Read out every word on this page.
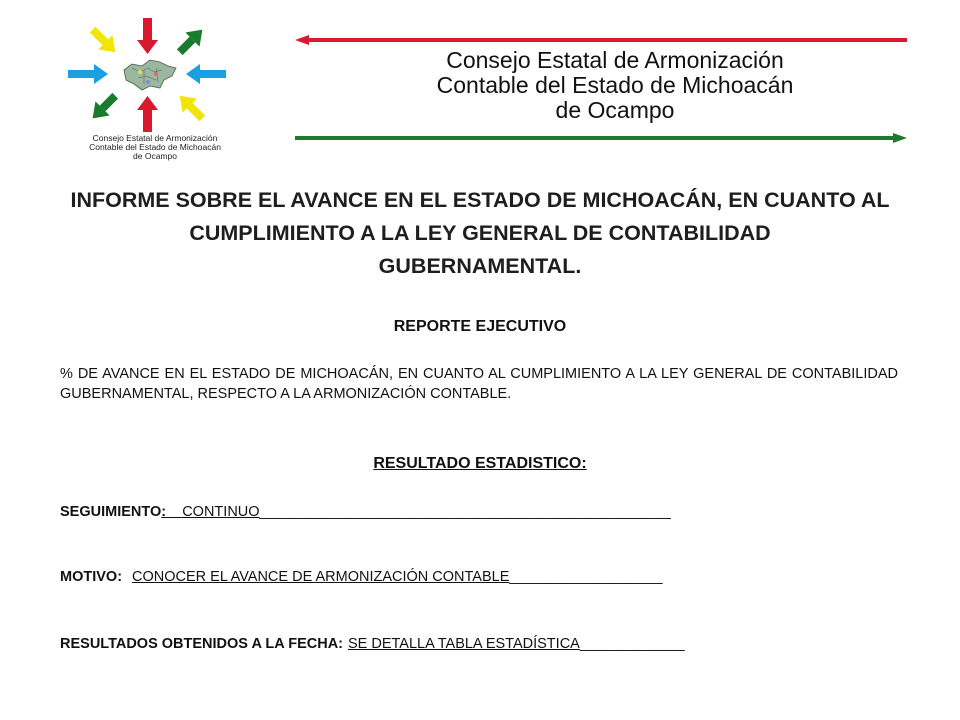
Consejo Estatal de Armonización
Contable del Estado de Michoacán
de Ocampo
Consejo Estatal de Armonización
Contable del Estado de Michoacán
de Ocampo
INFORME SOBRE EL AVANCE EN EL ESTADO DE MICHOACÁN, EN CUANTO AL
CUMPLIMIENTO A LA LEY GENERAL DE CONTABILIDAD
GUBERNAMENTAL.
REPORTE EJECUTIVO
% DE AVANCE EN EL ESTADO DE MICHOACÁN, EN CUANTO AL CUMPLIMIENTO A LA LEY GENERAL DE CONTABILIDAD GUBERNAMENTAL, RESPECTO A LA ARMONIZACIÓN CONTABLE.
RESULTADO ESTADISTICO:
SEGUIMIENTO:    CONTINUO___________________________________________________
MOTIVO: CONOCER EL AVANCE DE ARMONIZACIÓN CONTABLE___________________
RESULTADOS OBTENIDOS A LA FECHA: SE DETALLA TABLA ESTADÍSTICA_____________
